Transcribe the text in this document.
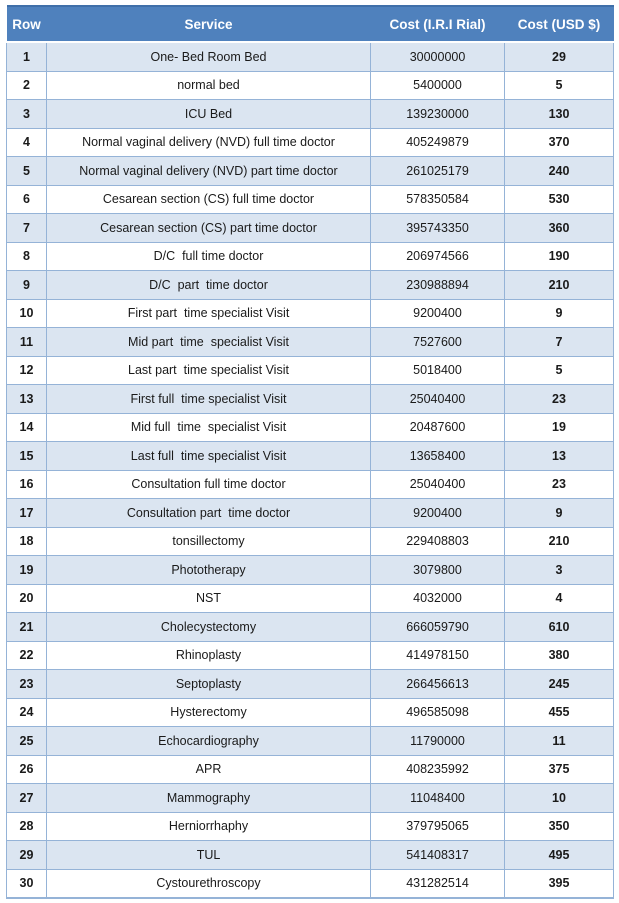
Row	Service	Cost (I.R.I Rial)	Cost (USD $)
1	One- Bed Room Bed	30000000	29
2	normal bed	5400000	5
3	ICU Bed	139230000	130
4	Normal vaginal delivery (NVD) full time doctor	405249879	370
5	Normal vaginal delivery (NVD) part time doctor	261025179	240
6	Cesarean section (CS) full time doctor	578350584	530
7	Cesarean section (CS) part time doctor	395743350	360
8	D/C  full time doctor	206974566	190
9	D/C  part  time doctor	230988894	210
10	First part  time specialist Visit	9200400	9
11	Mid part  time  specialist Visit	7527600	7
12	Last part  time specialist Visit	5018400	5
13	First full  time specialist Visit	25040400	23
14	Mid full  time  specialist Visit	20487600	19
15	Last full  time specialist Visit	13658400	13
16	Consultation full time doctor	25040400	23
17	Consultation part  time doctor	9200400	9
18	tonsillectomy	229408803	210
19	Phototherapy	3079800	3
20	NST	4032000	4
21	Cholecystectomy	666059790	610
22	Rhinoplasty	414978150	380
23	Septoplasty	266456613	245
24	Hysterectomy	496585098	455
25	Echocardiography	11790000	11
26	APR	408235992	375
27	Mammography	11048400	10
28	Herniorrhaphy	379795065	350
29	TUL	541408317	495
30	Cystourethroscopy	431282514	395
